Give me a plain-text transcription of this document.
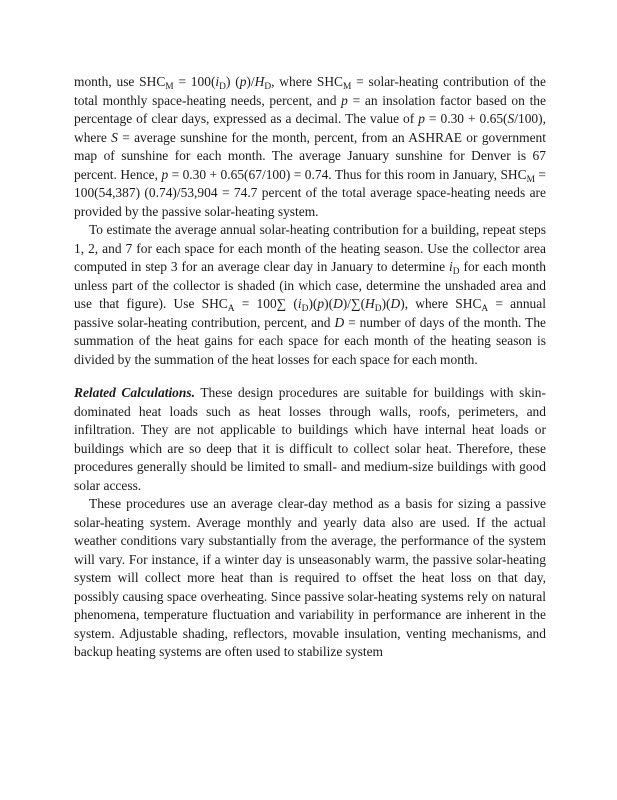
month, use $SHC_M = 100(i_D)$ $(p)/H_D$, where $SHC_M$ = solar-heating contribution of the total monthly space-heating needs, percent, and p = an insolation factor based on the percentage of clear days, expressed as a decimal. The value of p = 0.30 + 0.65(S/100), where S = average sunshine for the month, percent, from an ASHRAE or government map of sunshine for each month. The average January sunshine for Denver is 67 percent. Hence, p = 0.30 + 0.65(67/100) = 0.74. Thus for this room in January, $SHC_M = 100(54,387) (0.74)/53,904 = 74.7$ percent of the total average space-heating needs are provided by the passive solar-heating system.

To estimate the average annual solar-heating contribution for a building, repeat steps 1, 2, and 7 for each space for each month of the heating season. Use the collector area computed in step 3 for an average clear day in January to determine $i_D$ for each month unless part of the collector is shaded (in which case, determine the unshaded area and use that figure). Use $SHC_A = 100\sum$ $(i_D)(p)(D)/\sum(H_D)(D)$, where $SHC_A$ = annual passive solar-heating contribution, percent, and D = number of days of the month. The summation of the heat gains for each space for each month of the heating season is divided by the summation of the heat losses for each space for each month.

Related Calculations. These design procedures are suitable for buildings with skin-dominated heat loads such as heat losses through walls, roofs, perimeters, and infiltration. They are not applicable to buildings which have internal heat loads or buildings which are so deep that it is difficult to collect solar heat. Therefore, these procedures generally should be limited to small- and medium-size buildings with good solar access.

These procedures use an average clear-day method as a basis for sizing a passive solar-heating system. Average monthly and yearly data also are used. If the actual weather conditions vary substantially from the average, the performance of the system will vary. For instance, if a winter day is unseasonably warm, the passive solar-heating system will collect more heat than is required to offset the heat loss on that day, possibly causing space overheating. Since passive solar-heating systems rely on natural phenomena, temperature fluctuation and variability in performance are inherent in the system. Adjustable shading, reflectors, movable insulation, venting mechanisms, and backup heating systems are often used to stabilize system
